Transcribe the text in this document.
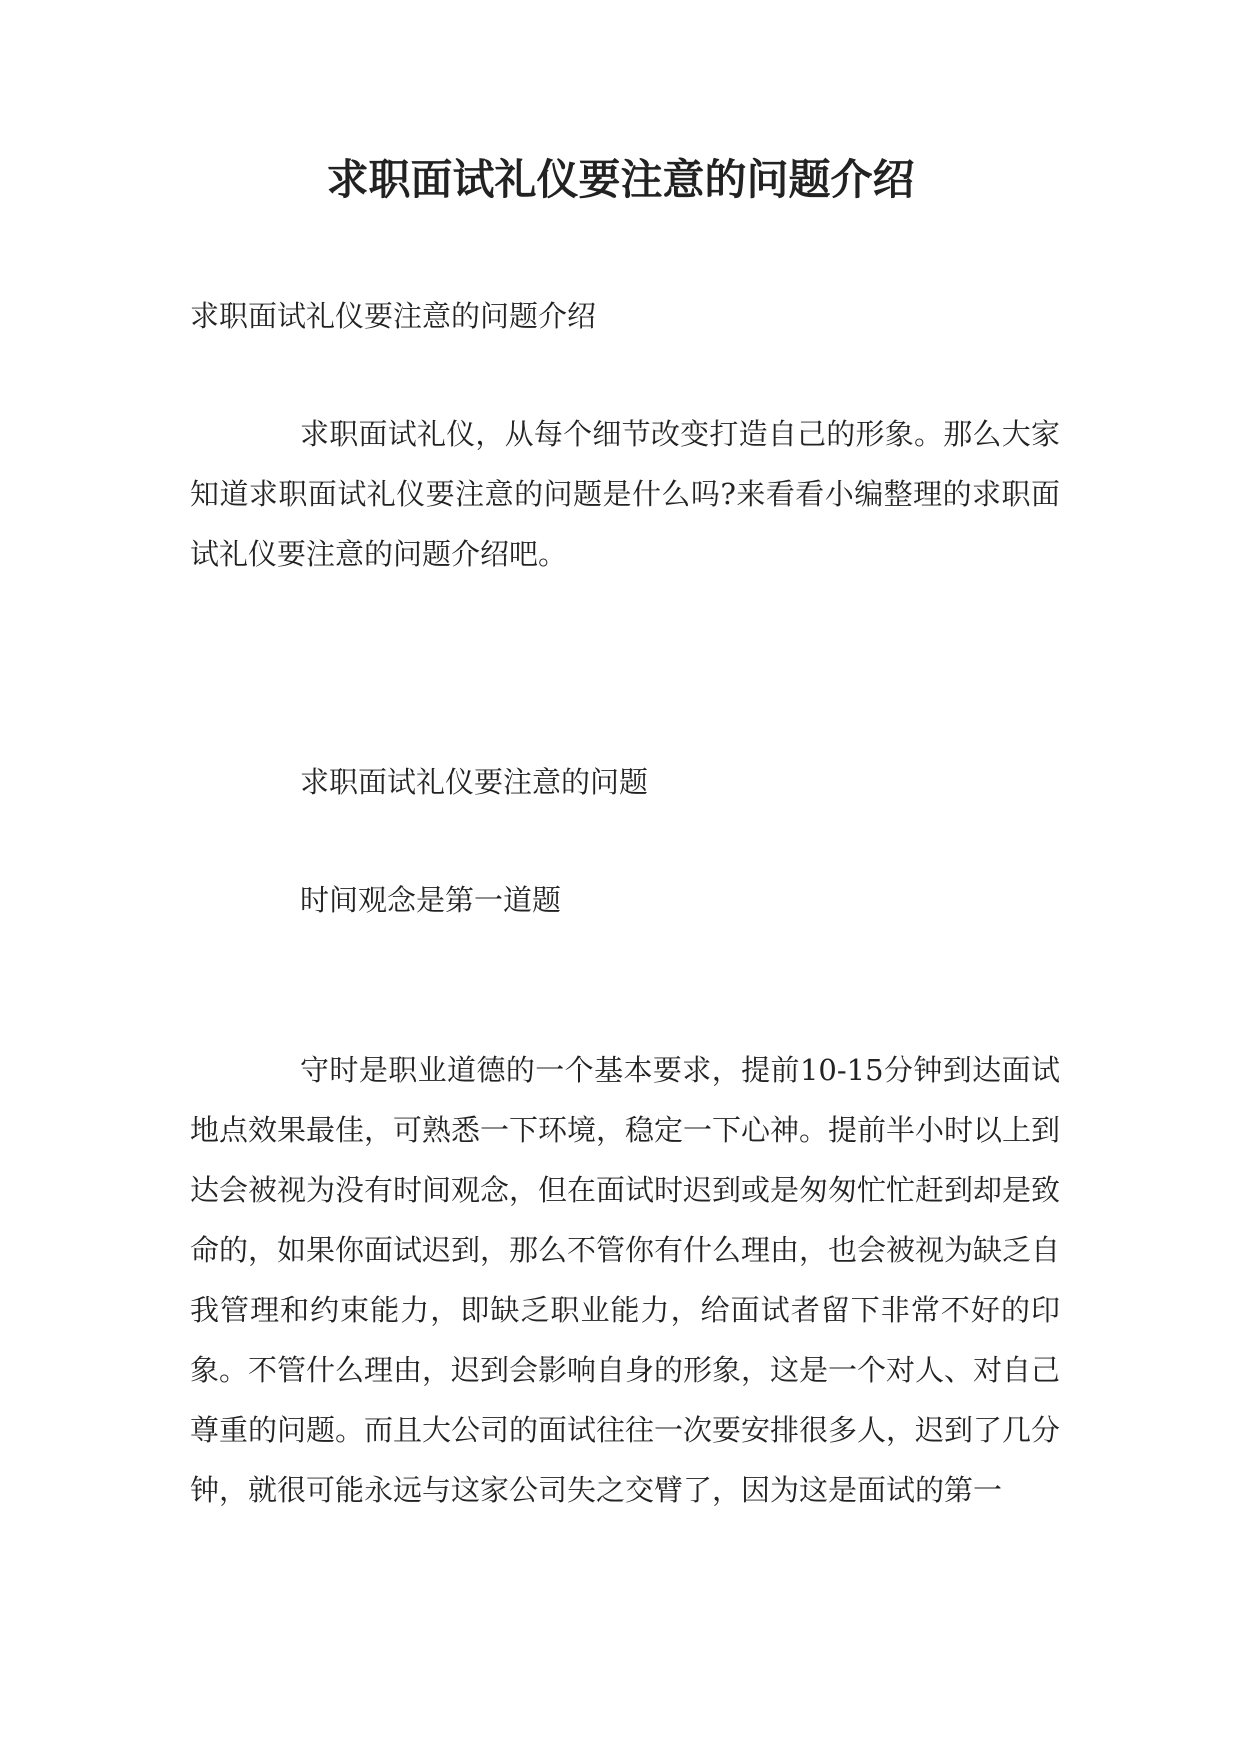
求职面试礼仪要注意的问题介绍

求职面试礼仪要注意的问题介绍

求职面试礼仪，从每个细节改变打造自己的形象。那么大家知道求职面试礼仪要注意的问题是什么吗?来看看小编整理的求职面试礼仪要注意的问题介绍吧。

求职面试礼仪要注意的问题

时间观念是第一道题

守时是职业道德的一个基本要求，提前10-15分钟到达面试地点效果最佳，可熟悉一下环境，稳定一下心神。提前半小时以上到达会被视为没有时间观念，但在面试时迟到或是匆匆忙忙赶到却是致命的，如果你面试迟到，那么不管你有什么理由，也会被视为缺乏自我管理和约束能力，即缺乏职业能力，给面试者留下非常不好的印象。不管什么理由，迟到会影响自身的形象，这是一个对人、对自己尊重的问题。而且大公司的面试往往一次要安排很多人，迟到了几分钟，就很可能永远与这家公司失之交臂了，因为这是面试的第一
